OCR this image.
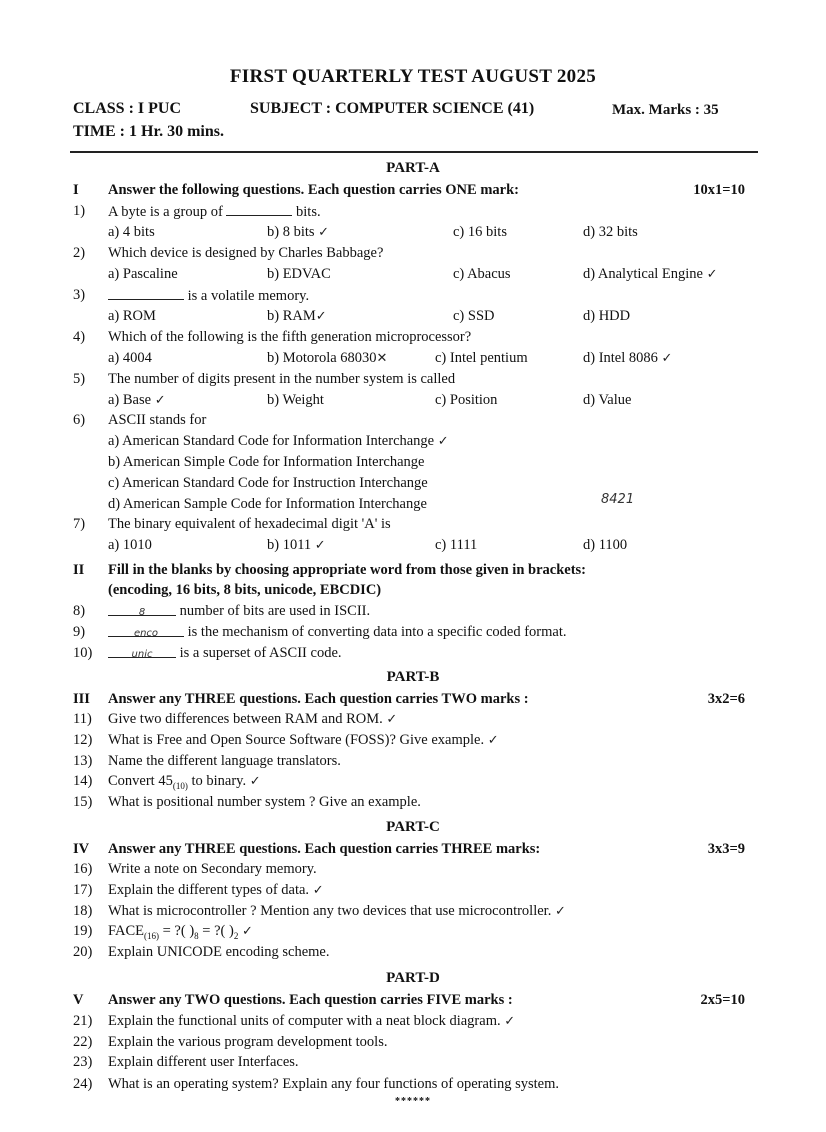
FIRST QUARTERLY TEST AUGUST 2025
CLASS : I PUC	SUBJECT : COMPUTER SCIENCE (41)	Max. Marks : 35
TIME : 1 Hr. 30 mins.
PART-A
I Answer the following questions. Each question carries ONE mark:	10x1=10
1) A byte is a group of	bits.
a) 4 bits	b) 8 bits ✓	c) 16 bits	d) 32 bits
2) Which device is designed by Charles Babbage?
a) Pascaline	b) EDVAC	c) Abacus	d) Analytical Engine ✓
3)	is a volatile memory.
a) ROM	b) RAM✓	c) SSD	d) HDD
4) Which of the following is the fifth generation microprocessor?
a) 4004	b) Motorola 68030✕	c) Intel pentium	d) Intel 8086 ✓
5) The number of digits present in the number system is called
a) Base ✓	b) Weight	c) Position	d) Value
6) ASCII stands for
a) American Standard Code for Information Interchange ✓
b) American Simple Code for Information Interchange
c) American Standard Code for Instruction Interchange
d) American Sample Code for Information Interchange	8421
7) The binary equivalent of hexadecimal digit 'A' is
a) 1010	b) 1011 ✓	c) 1111	d) 1100
II Fill in the blanks by choosing appropriate word from those given in brackets:
(encoding, 16 bits, 8 bits, unicode, EBCDIC)
8)	8 number of bits are used in ISCII.
9)	enco is the mechanism of converting data into a specific coded format.
10)	unic is a superset of ASCII code.
PART-B
III Answer any THREE questions. Each question carries TWO marks :	3x2=6
11) Give two differences between RAM and ROM. ✓
12) What is Free and Open Source Software (FOSS)? Give example. ✓
13) Name the different language translators.
14) Convert $45_{(10)}$ to binary. ✓
15) What is positional number system ? Give an example.
PART-C
IV Answer any THREE questions. Each question carries THREE marks:	3x3=9
16) Write a note on Secondary memory.
17) Explain the different types of data. ✓
18) What is microcontroller ? Mention any two devices that use microcontroller. ✓
19) $FACE_{(16)}$ = ?( )$_8$ = ?( )$_2$ ✓
20) Explain UNICODE encoding scheme.
PART-D
V Answer any TWO questions. Each question carries FIVE marks :	2x5=10
21) Explain the functional units of computer with a neat block diagram. ✓
22) Explain the various program development tools.
23) Explain different user Interfaces.
24) What is an operating system? Explain any four functions of operating system.
******
